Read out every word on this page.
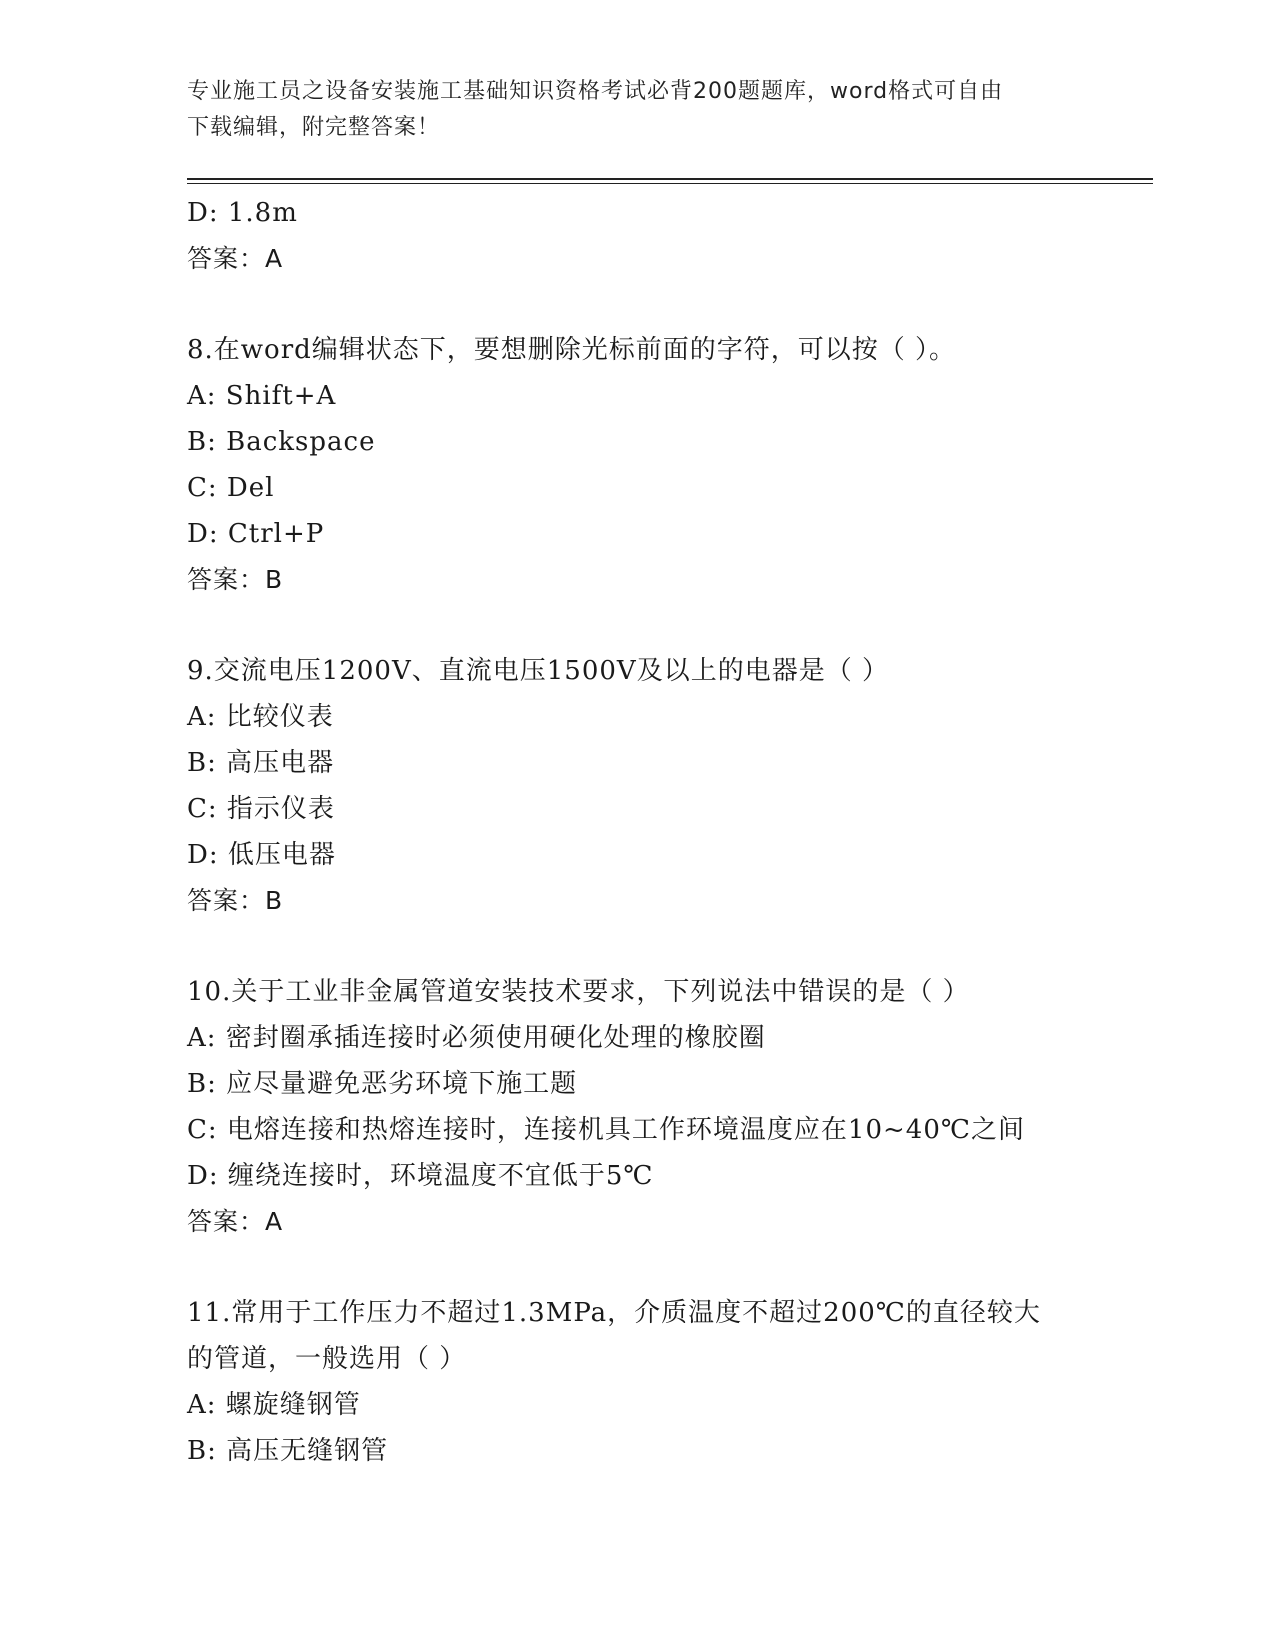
专业施工员之设备安装施工基础知识资格考试必背200题题库，word格式可自由
下载编辑，附完整答案！
D: 1.8m
答案：A
8.在word编辑状态下，要想删除光标前面的字符，可以按（ ）。
A: Shift+A
B: Backspace
C: Del
D: Ctrl+P
答案：B
9.交流电压1200V、直流电压1500V及以上的电器是（ ）
A: 比较仪表
B: 高压电器
C: 指示仪表
D: 低压电器
答案：B
10.关于工业非金属管道安装技术要求，下列说法中错误的是（ ）
A: 密封圈承插连接时必须使用硬化处理的橡胶圈
B: 应尽量避免恶劣环境下施工题
C: 电熔连接和热熔连接时，连接机具工作环境温度应在10~40℃之间
D: 缠绕连接时，环境温度不宜低于5℃
答案：A
11.常用于工作压力不超过1.3MPa，介质温度不超过200℃的直径较大
的管道，一般选用（ ）
A: 螺旋缝钢管
B: 高压无缝钢管
